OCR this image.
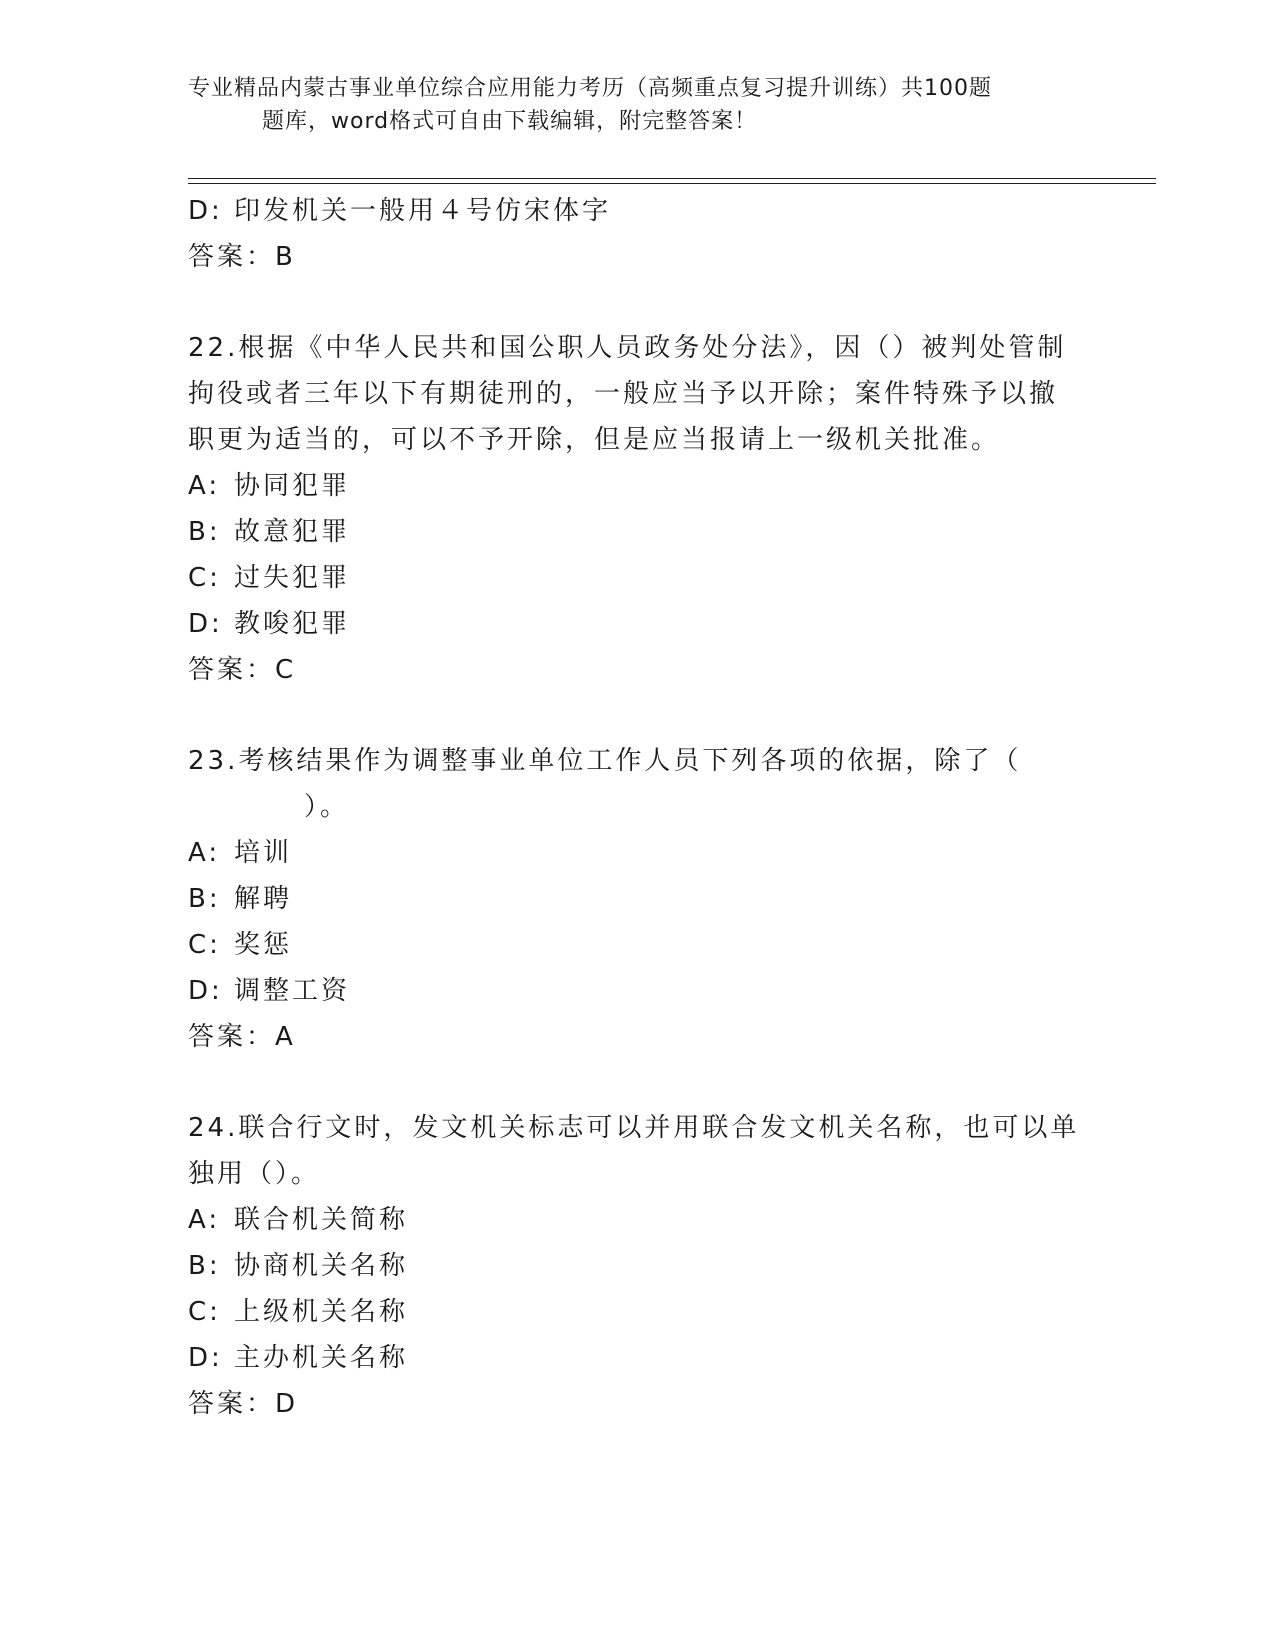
专业精品内蒙古事业单位综合应用能力考历（高频重点复习提升训练）共100题
题库，word格式可自由下载编辑，附完整答案！
D: 印发机关一般用４号仿宋体字
答案：B
22.根据《中华人民共和国公职人员政务处分法》，因（）被判处管制
拘役或者三年以下有期徒刑的，一般应当予以开除；案件特殊予以撤
职更为适当的，可以不予开除，但是应当报请上一级机关批准。
A: 协同犯罪
B: 故意犯罪
C: 过失犯罪
D: 教唆犯罪
答案：C
23.考核结果作为调整事业单位工作人员下列各项的依据，除了（
　　　　）。
A: 培训
B: 解聘
C: 奖惩
D: 调整工资
答案：A
24.联合行文时，发文机关标志可以并用联合发文机关名称，也可以单
独用（）。
A: 联合机关简称
B: 协商机关名称
C: 上级机关名称
D: 主办机关名称
答案：D
